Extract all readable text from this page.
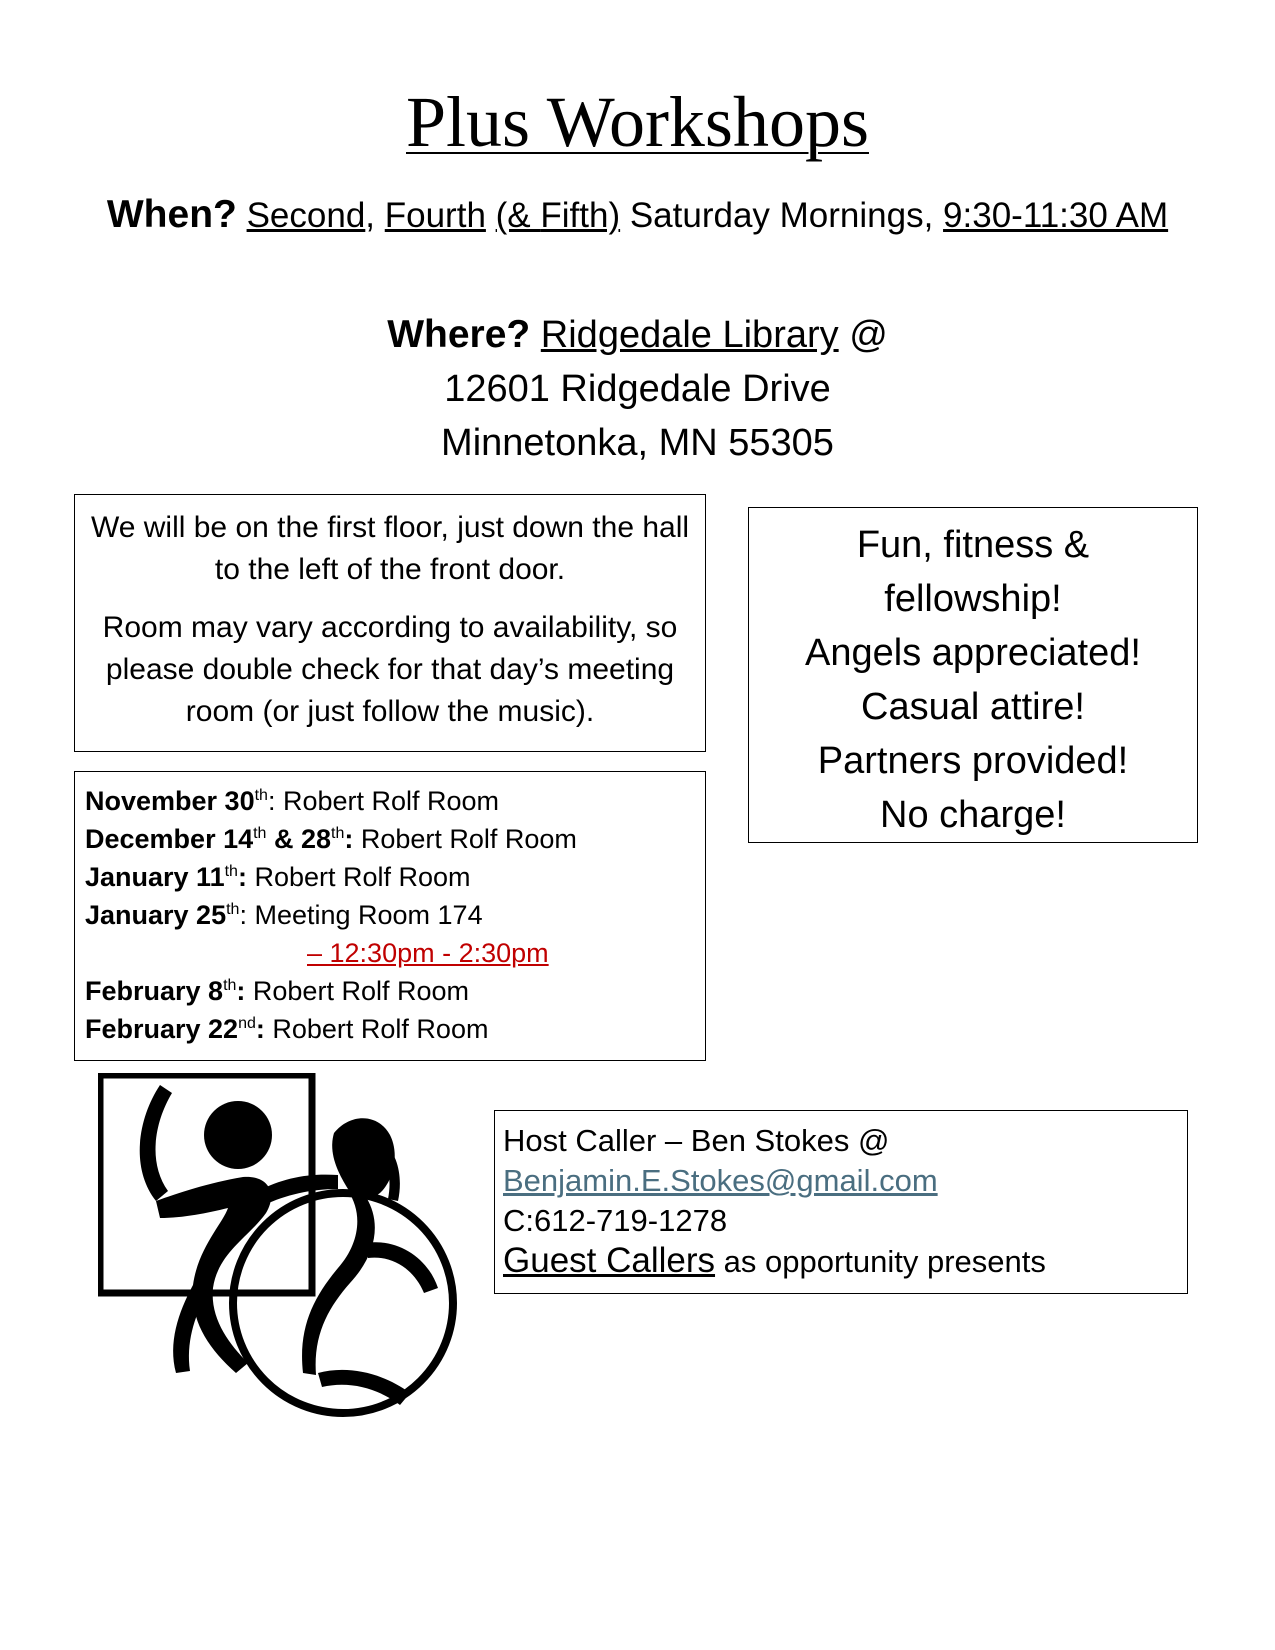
Plus Workshops
When? Second, Fourth (& Fifth) Saturday Mornings, 9:30-11:30 AM
Where? Ridgedale Library @
12601 Ridgedale Drive
Minnetonka, MN 55305

We will be on the first floor, just down the hall to the left of the front door.

Room may vary according to availability, so please double check for that day’s meeting room (or just follow the music).

Fun, fitness &
fellowship!
Angels appreciated!
Casual attire!
Partners provided!
No charge!
November 30th: Robert Rolf Room
December 14th & 28th: Robert Rolf Room
January 11th: Robert Rolf Room
January 25th: Meeting Room 174
– 12:30pm - 2:30pm
February 8th: Robert Rolf Room
February 22nd: Robert Rolf Room
Host Caller – Ben Stokes @
Benjamin.E.Stokes@gmail.com
C:612-719-1278
Guest Callers as opportunity presents
